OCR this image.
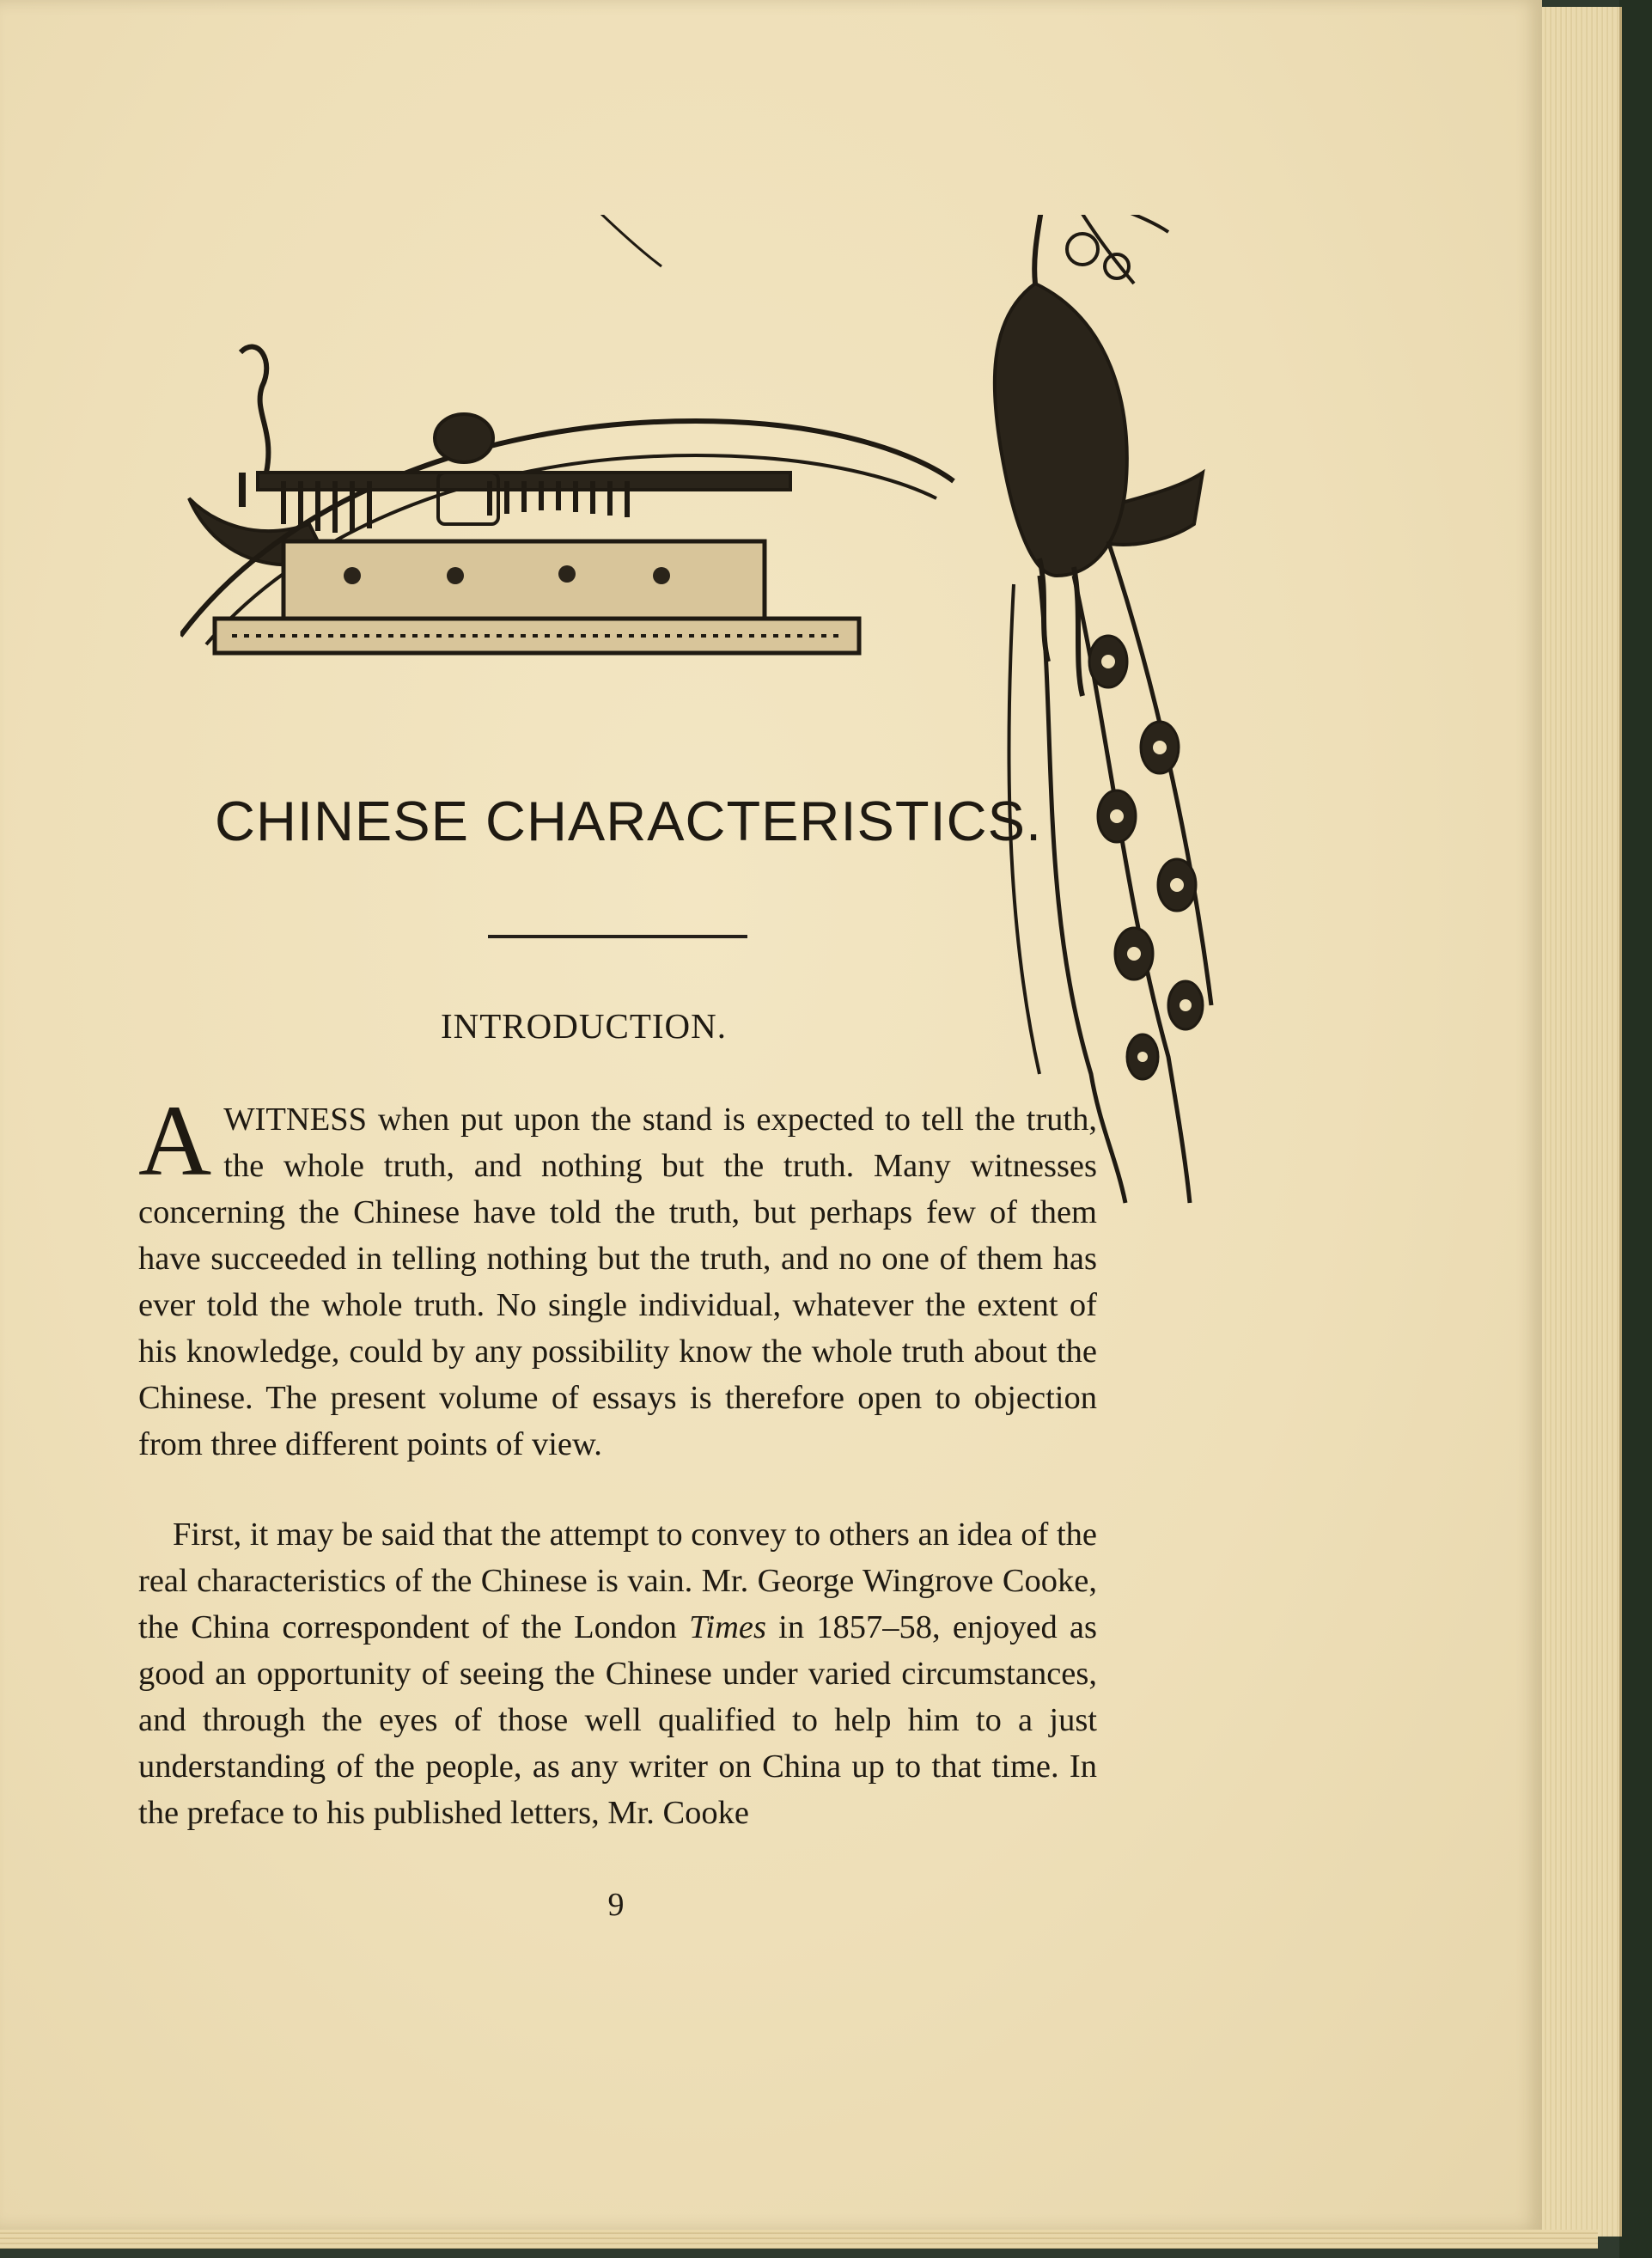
CHINESE CHARACTERISTICS.
INTRODUCTION.

AWITNESS when put upon the stand is expected to tell the truth, the whole truth, and nothing but the truth. Many witnesses concerning the Chinese have told the truth, but perhaps few of them have succeeded in telling nothing but the truth, and no one of them has ever told the whole truth. No single individual, whatever the extent of his knowledge, could by any possibility know the whole truth about the Chinese. The present volume of essays is therefore open to objection from three different points of view.

First, it may be said that the attempt to convey to others an idea of the real characteristics of the Chinese is vain. Mr. George Wingrove Cooke, the China correspondent of the London Times in 1857–58, enjoyed as good an opportunity of seeing the Chinese under varied circumstances, and through the eyes of those well qualified to help him to a just understanding of the people, as any writer on China up to that time. In the preface to his published letters, Mr. Cooke

9
